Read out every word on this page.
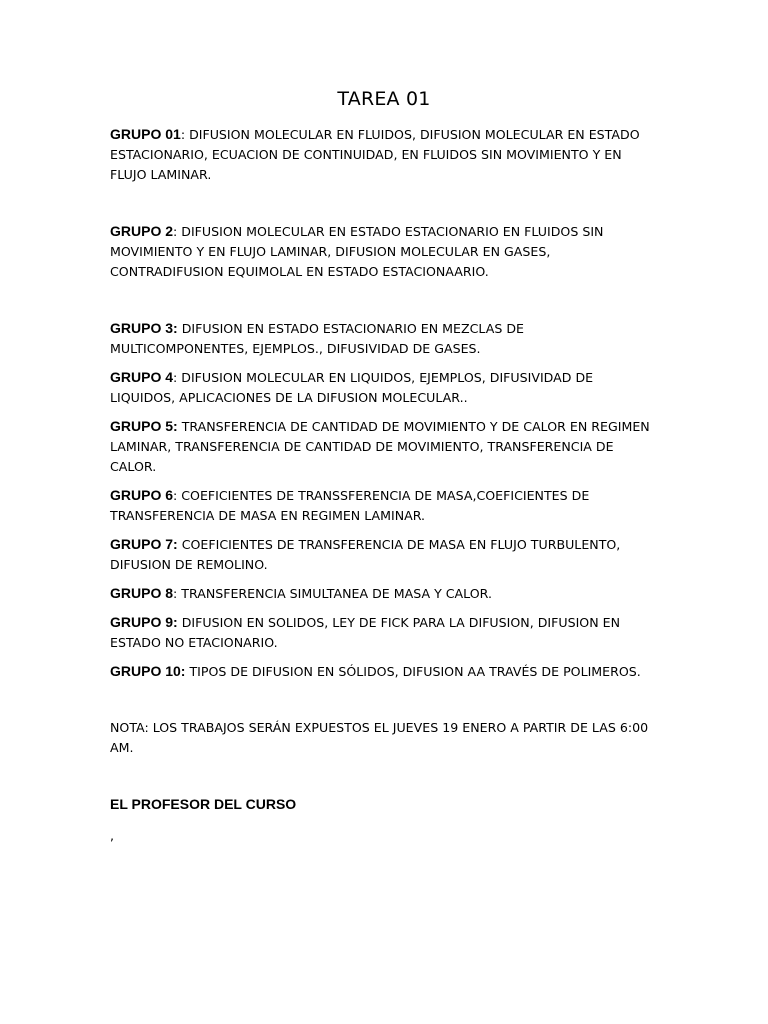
TAREA 01

GRUPO 01: DIFUSION MOLECULAR EN FLUIDOS, DIFUSION MOLECULAR EN ESTADO ESTACIONARIO, ECUACION DE CONTINUIDAD, EN FLUIDOS SIN MOVIMIENTO Y EN FLUJO LAMINAR.

GRUPO 2: DIFUSION MOLECULAR EN ESTADO ESTACIONARIO EN FLUIDOS SIN MOVIMIENTO Y EN FLUJO LAMINAR, DIFUSION MOLECULAR EN GASES, CONTRADIFUSION EQUIMOLAL EN ESTADO ESTACIONAARIO.

GRUPO 3: DIFUSION EN ESTADO ESTACIONARIO EN MEZCLAS DE MULTICOMPONENTES, EJEMPLOS., DIFUSIVIDAD DE GASES.

GRUPO 4: DIFUSION MOLECULAR EN LIQUIDOS, EJEMPLOS, DIFUSIVIDAD DE LIQUIDOS, APLICACIONES DE LA DIFUSION MOLECULAR..

GRUPO 5: TRANSFERENCIA DE CANTIDAD DE MOVIMIENTO Y DE CALOR EN REGIMEN LAMINAR, TRANSFERENCIA DE CANTIDAD DE MOVIMIENTO, TRANSFERENCIA DE CALOR.

GRUPO 6: COEFICIENTES DE TRANSSFERENCIA DE MASA,COEFICIENTES DE TRANSFERENCIA DE MASA EN REGIMEN LAMINAR.

GRUPO 7: COEFICIENTES DE TRANSFERENCIA DE MASA EN FLUJO TURBULENTO, DIFUSION DE REMOLINO.

GRUPO 8: TRANSFERENCIA SIMULTANEA DE MASA Y CALOR.

GRUPO 9: DIFUSION EN SOLIDOS, LEY DE FICK PARA LA DIFUSION, DIFUSION EN ESTADO NO ETACIONARIO.

GRUPO 10: TIPOS DE DIFUSION EN SÓLIDOS, DIFUSION AA TRAVÉS DE POLIMEROS.

NOTA: LOS TRABAJOS SERÁN EXPUESTOS EL JUEVES 19 ENERO A PARTIR DE LAS 6:00 AM.

EL PROFESOR DEL CURSO

,
